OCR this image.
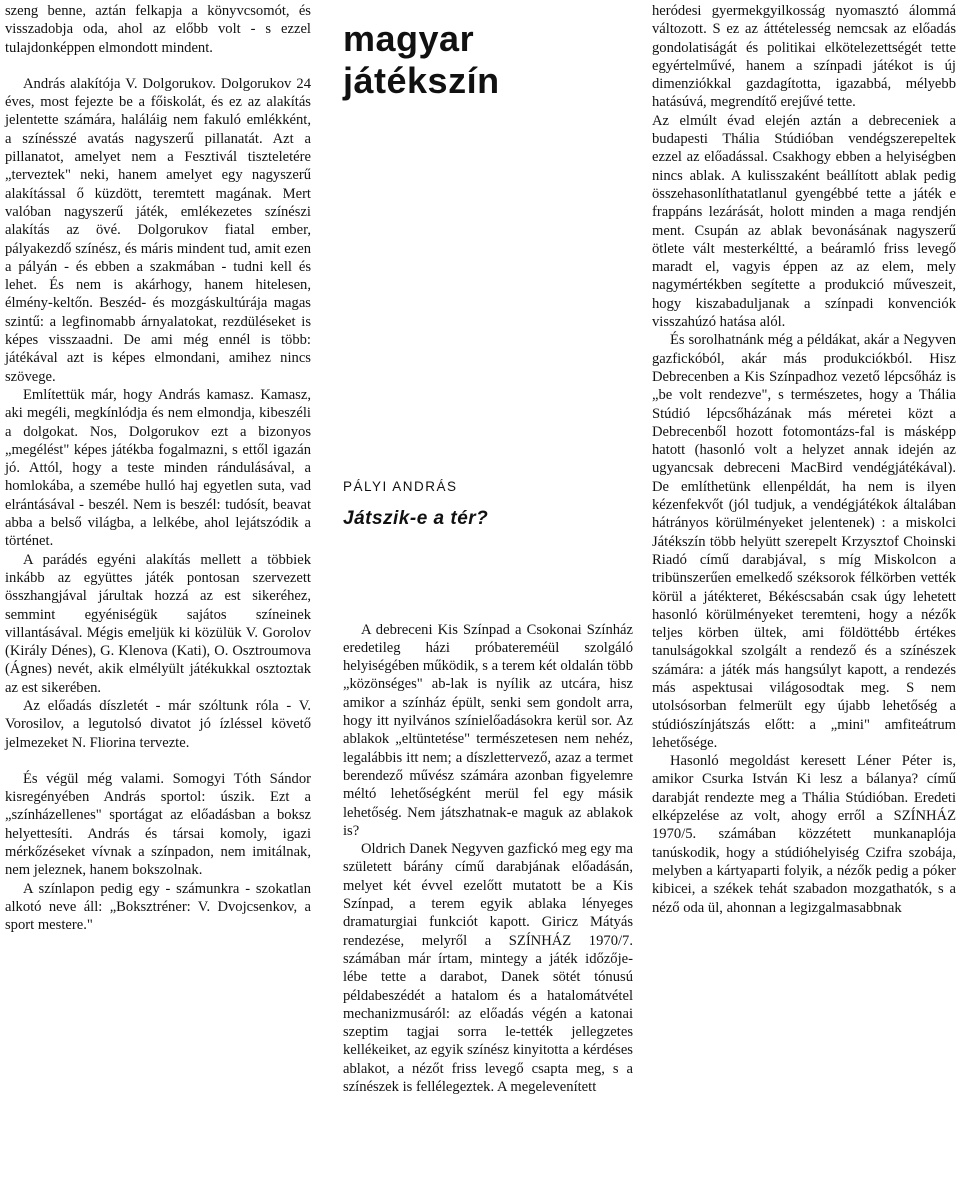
szeng benne, aztán felkapja a könyvcsomót, és visszadobja oda, ahol az előbb volt - s ezzel tulajdonképpen elmondott mindent.

András alakítója V. Dolgorukov. Dolgorukov 24 éves, most fejezte be a főiskolát, és ez az alakítás jelentette számára, haláláig nem fakuló emlékként, a színésszé avatás nagyszerű pillanatát. Azt a pillanatot, amelyet nem a Fesztivál tiszteletére „terveztek" neki, hanem amelyet egy nagyszerű alakítással ő küzdött, teremtett magának. Mert valóban nagyszerű játék, emlékezetes színészi alakítás az övé. Dolgorukov fiatal ember, pályakezdő színész, és máris mindent tud, amit ezen a pályán - és ebben a szakmában - tudni kell és lehet. És nem is akárhogy, hanem hitelesen, élmény-keltőn. Beszéd- és mozgáskultúrája magas szintű: a legfinomabb árnyalatokat, rezdüléseket is képes visszaadni. De ami még ennél is több: játékával azt is képes elmondani, amihez nincs szövege.

Említettük már, hogy András kamasz. Kamasz, aki megéli, megkínlódja és nem elmondja, kibeszéli a dolgokat. Nos, Dolgorukov ezt a bizonyos „megélést" képes játékba fogalmazni, s ettől igazán jó. Attól, hogy a teste minden rándulásával, a homlokába, a szemébe hulló haj egyetlen suta, vad elrántásával - beszél. Nem is beszél: tudósít, beavat abba a belső világba, a lelkébe, ahol lejátszódik a történet.

A parádés egyéni alakítás mellett a többiek inkább az együttes játék pontosan szervezett összhangjával járultak hozzá az est sikeréhez, semmint egyéniségük sajátos színeinek villantásával. Mégis emeljük ki közülük V. Gorolov (Király Dénes), G. Klenova (Kati), O. Osztroumova (Ágnes) nevét, akik elmélyült játékukkal osztoztak az est sikerében.

Az előadás díszletét - már szóltunk róla - V. Vorosilov, a legutolsó divatot jó ízléssel követő jelmezeket N. Fliorina tervezte.

És végül még valami. Somogyi Tóth Sándor kisregényében András sportol: úszik. Ezt a „színházellenes" sportágat az előadásban a boksz helyettesíti. András és társai komoly, igazi mérkőzéseket vívnak a színpadon, nem imitálnak, nem jeleznek, hanem bokszolnak.

A színlapon pedig egy - számunkra - szokatlan alkotó neve áll: „Boksztréner: V. Dvojcsenkov, a sport mestere."

magyar
játékszín
PÁLYI ANDRÁS
Játszik-e a tér?

A debreceni Kis Színpad a Csokonai Színház eredetileg házi próbatereméül szolgáló helyiségében működik, s a terem két oldalán több „közönséges" ab-lak is nyílik az utcára, hisz amikor a színház épült, senki sem gondolt arra, hogy itt nyilvános színielőadásokra kerül sor. Az ablakok „eltüntetése" természetesen nem nehéz, legalábbis itt nem; a díszlettervező, azaz a termet berendező művész számára azonban figyelemre méltó lehetőségként merül fel egy másik lehetőség. Nem játszhatnak-e maguk az ablakok is?

Oldrich Danek Negyven gazfickó meg egy ma született bárány című darabjának előadásán, melyet két évvel ezelőtt mutatott be a Kis Színpad, a terem egyik ablaka lényeges dramaturgiai funkciót kapott. Giricz Mátyás rendezése, melyről a SZÍNHÁZ 1970/7. számában már írtam, mintegy a játék időzője-lébe tette a darabot, Danek sötét tónusú példabeszédét a hatalom és a hatalomátvétel mechanizmusáról: az előadás végén a katonai szeptim tagjai sorra le-tették jellegzetes kellékeiket, az egyik színész kinyitotta a kérdéses ablakot, a nézőt friss levegő csapta meg, s a színészek is fellélegeztek. A megelevenített

heródesi gyermekgyilkosság nyomasztó álommá változott. S ez az áttételesség nemcsak az előadás gondolatiságát és politikai elkötelezettségét tette egyértelművé, hanem a színpadi játékot is új dimenziókkal gazdagította, igazabbá, mélyebb hatásúvá, megrendítő erejűvé tette.

Az elmúlt évad elején aztán a debreceniek a budapesti Thália Stúdióban vendégszerepeltek ezzel az előadással. Csakhogy ebben a helyiségben nincs ablak. A kulisszaként beállított ablak pedig összehasonlíthatatlanul gyengébbé tette a játék e frappáns lezárását, holott minden a maga rendjén ment. Csupán az ablak bevonásának nagyszerű ötlete vált mesterkéltté, a beáramló friss levegő maradt el, vagyis éppen az az elem, mely nagymértékben segítette a produkció műveszeit, hogy kiszabaduljanak a színpadi konvenciók visszahúzó hatása alól.

És sorolhatnánk még a példákat, akár a Negyven gazfickóból, akár más produkciókból. Hisz Debrecenben a Kis Színpadhoz vezető lépcsőház is „be volt rendezve", s természetes, hogy a Thália Stúdió lépcsőházának más méretei közt a Debrecenből hozott fotomontázs-fal is másképp hatott (hasonló volt a helyzet annak idején az ugyancsak debreceni MacBird vendégjátékával). De említhetünk ellenpéldát, ha nem is ilyen kézenfekvőt (jól tudjuk, a vendégjátékok általában hátrányos körülményeket jelentenek) : a miskolci Játékszín több helyütt szerepelt Krzysztof Choinski Riadó című darabjával, s míg Miskolcon a tribünszerűen emelkedő széksorok félkörben vették körül a játékteret, Békéscsabán csak úgy lehetett hasonló körülményeket teremteni, hogy a nézők teljes körben ültek, ami földöttébb értékes tanulságokkal szolgált a rendező és a színészek számára: a játék más hangsúlyt kapott, a rendezés más aspektusai világosodtak meg. S nem utolsósorban felmerült egy újabb lehetőség a stúdiószínjátszás előtt: a „mini" amfiteátrum lehetősége.

Hasonló megoldást keresett Léner Péter is, amikor Csurka István Ki lesz a bálanya? című darabját rendezte meg a Thália Stúdióban. Eredeti elképzelése az volt, ahogy erről a SZÍNHÁZ 1970/5. számában közzétett munkanaplója tanúskodik, hogy a stúdióhelyiség Czifra szobája, melyben a kártyaparti folyik, a nézők pedig a póker kibicei, a székek tehát szabadon mozgathatók, s a néző oda ül, ahonnan a legizgalmasabbnak
